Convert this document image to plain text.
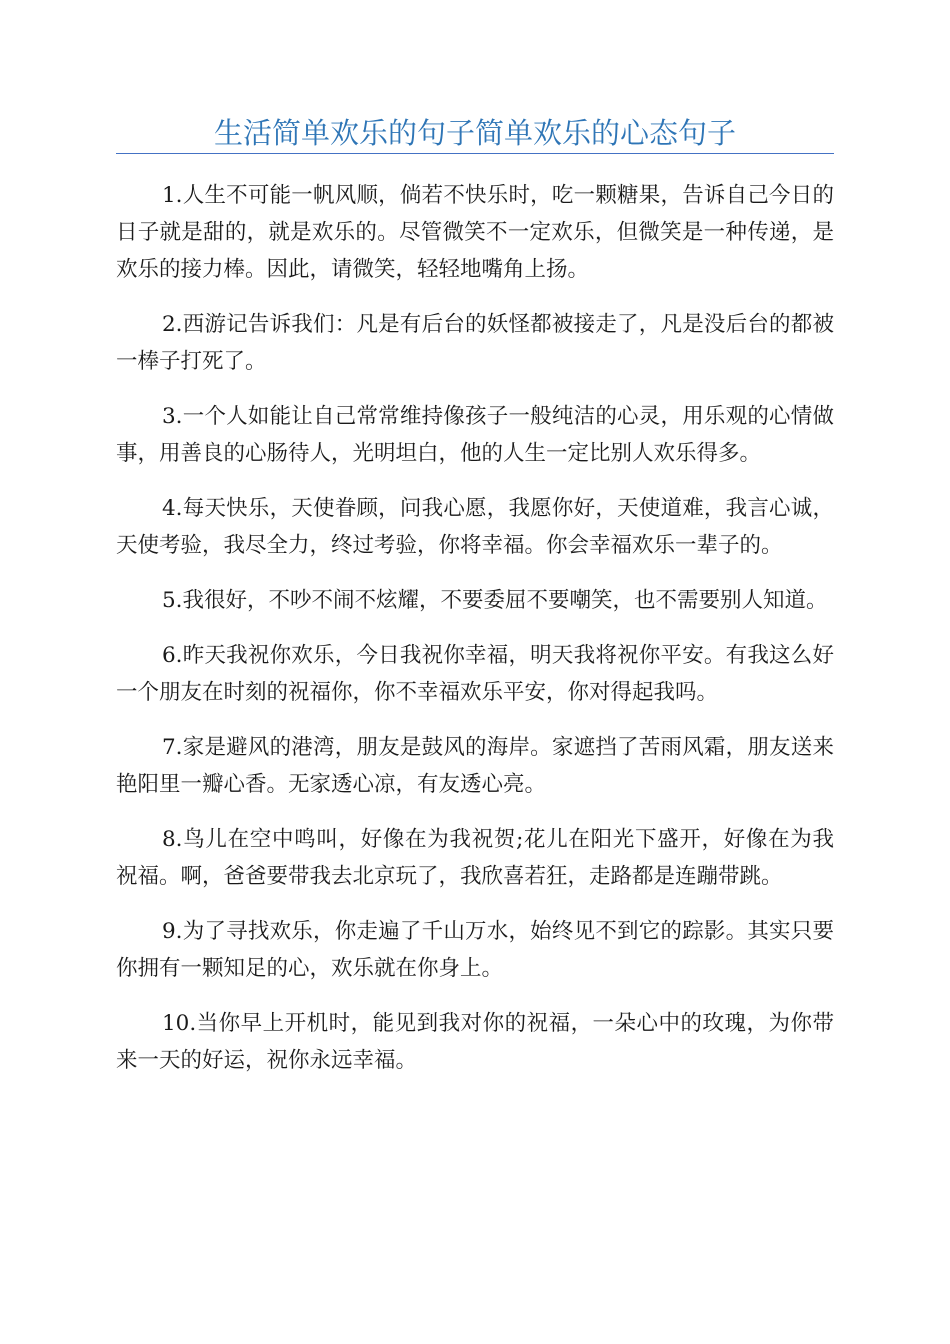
生活简单欢乐的句子简单欢乐的心态句子

1.人生不可能一帆风顺，倘若不快乐时，吃一颗糖果，告诉自己今日的日子就是甜的，就是欢乐的。尽管微笑不一定欢乐，但微笑是一种传递，是欢乐的接力棒。因此，请微笑，轻轻地嘴角上扬。

2.西游记告诉我们：凡是有后台的妖怪都被接走了，凡是没后台的都被一棒子打死了。

3.一个人如能让自己常常维持像孩子一般纯洁的心灵，用乐观的心情做事，用善良的心肠待人，光明坦白，他的人生一定比别人欢乐得多。

4.每天快乐，天使眷顾，问我心愿，我愿你好，天使道难，我言心诚，天使考验，我尽全力，终过考验，你将幸福。你会幸福欢乐一辈子的。

5.我很好，不吵不闹不炫耀，不要委屈不要嘲笑，也不需要别人知道。

6.昨天我祝你欢乐，今日我祝你幸福，明天我将祝你平安。有我这么好一个朋友在时刻的祝福你，你不幸福欢乐平安，你对得起我吗。

7.家是避风的港湾，朋友是鼓风的海岸。家遮挡了苦雨风霜，朋友送来艳阳里一瓣心香。无家透心凉，有友透心亮。

8.鸟儿在空中鸣叫，好像在为我祝贺;花儿在阳光下盛开，好像在为我祝福。啊，爸爸要带我去北京玩了，我欣喜若狂，走路都是连蹦带跳。

9.为了寻找欢乐，你走遍了千山万水，始终见不到它的踪影。其实只要你拥有一颗知足的心，欢乐就在你身上。

10.当你早上开机时，能见到我对你的祝福，一朵心中的玫瑰，为你带来一天的好运，祝你永远幸福。
